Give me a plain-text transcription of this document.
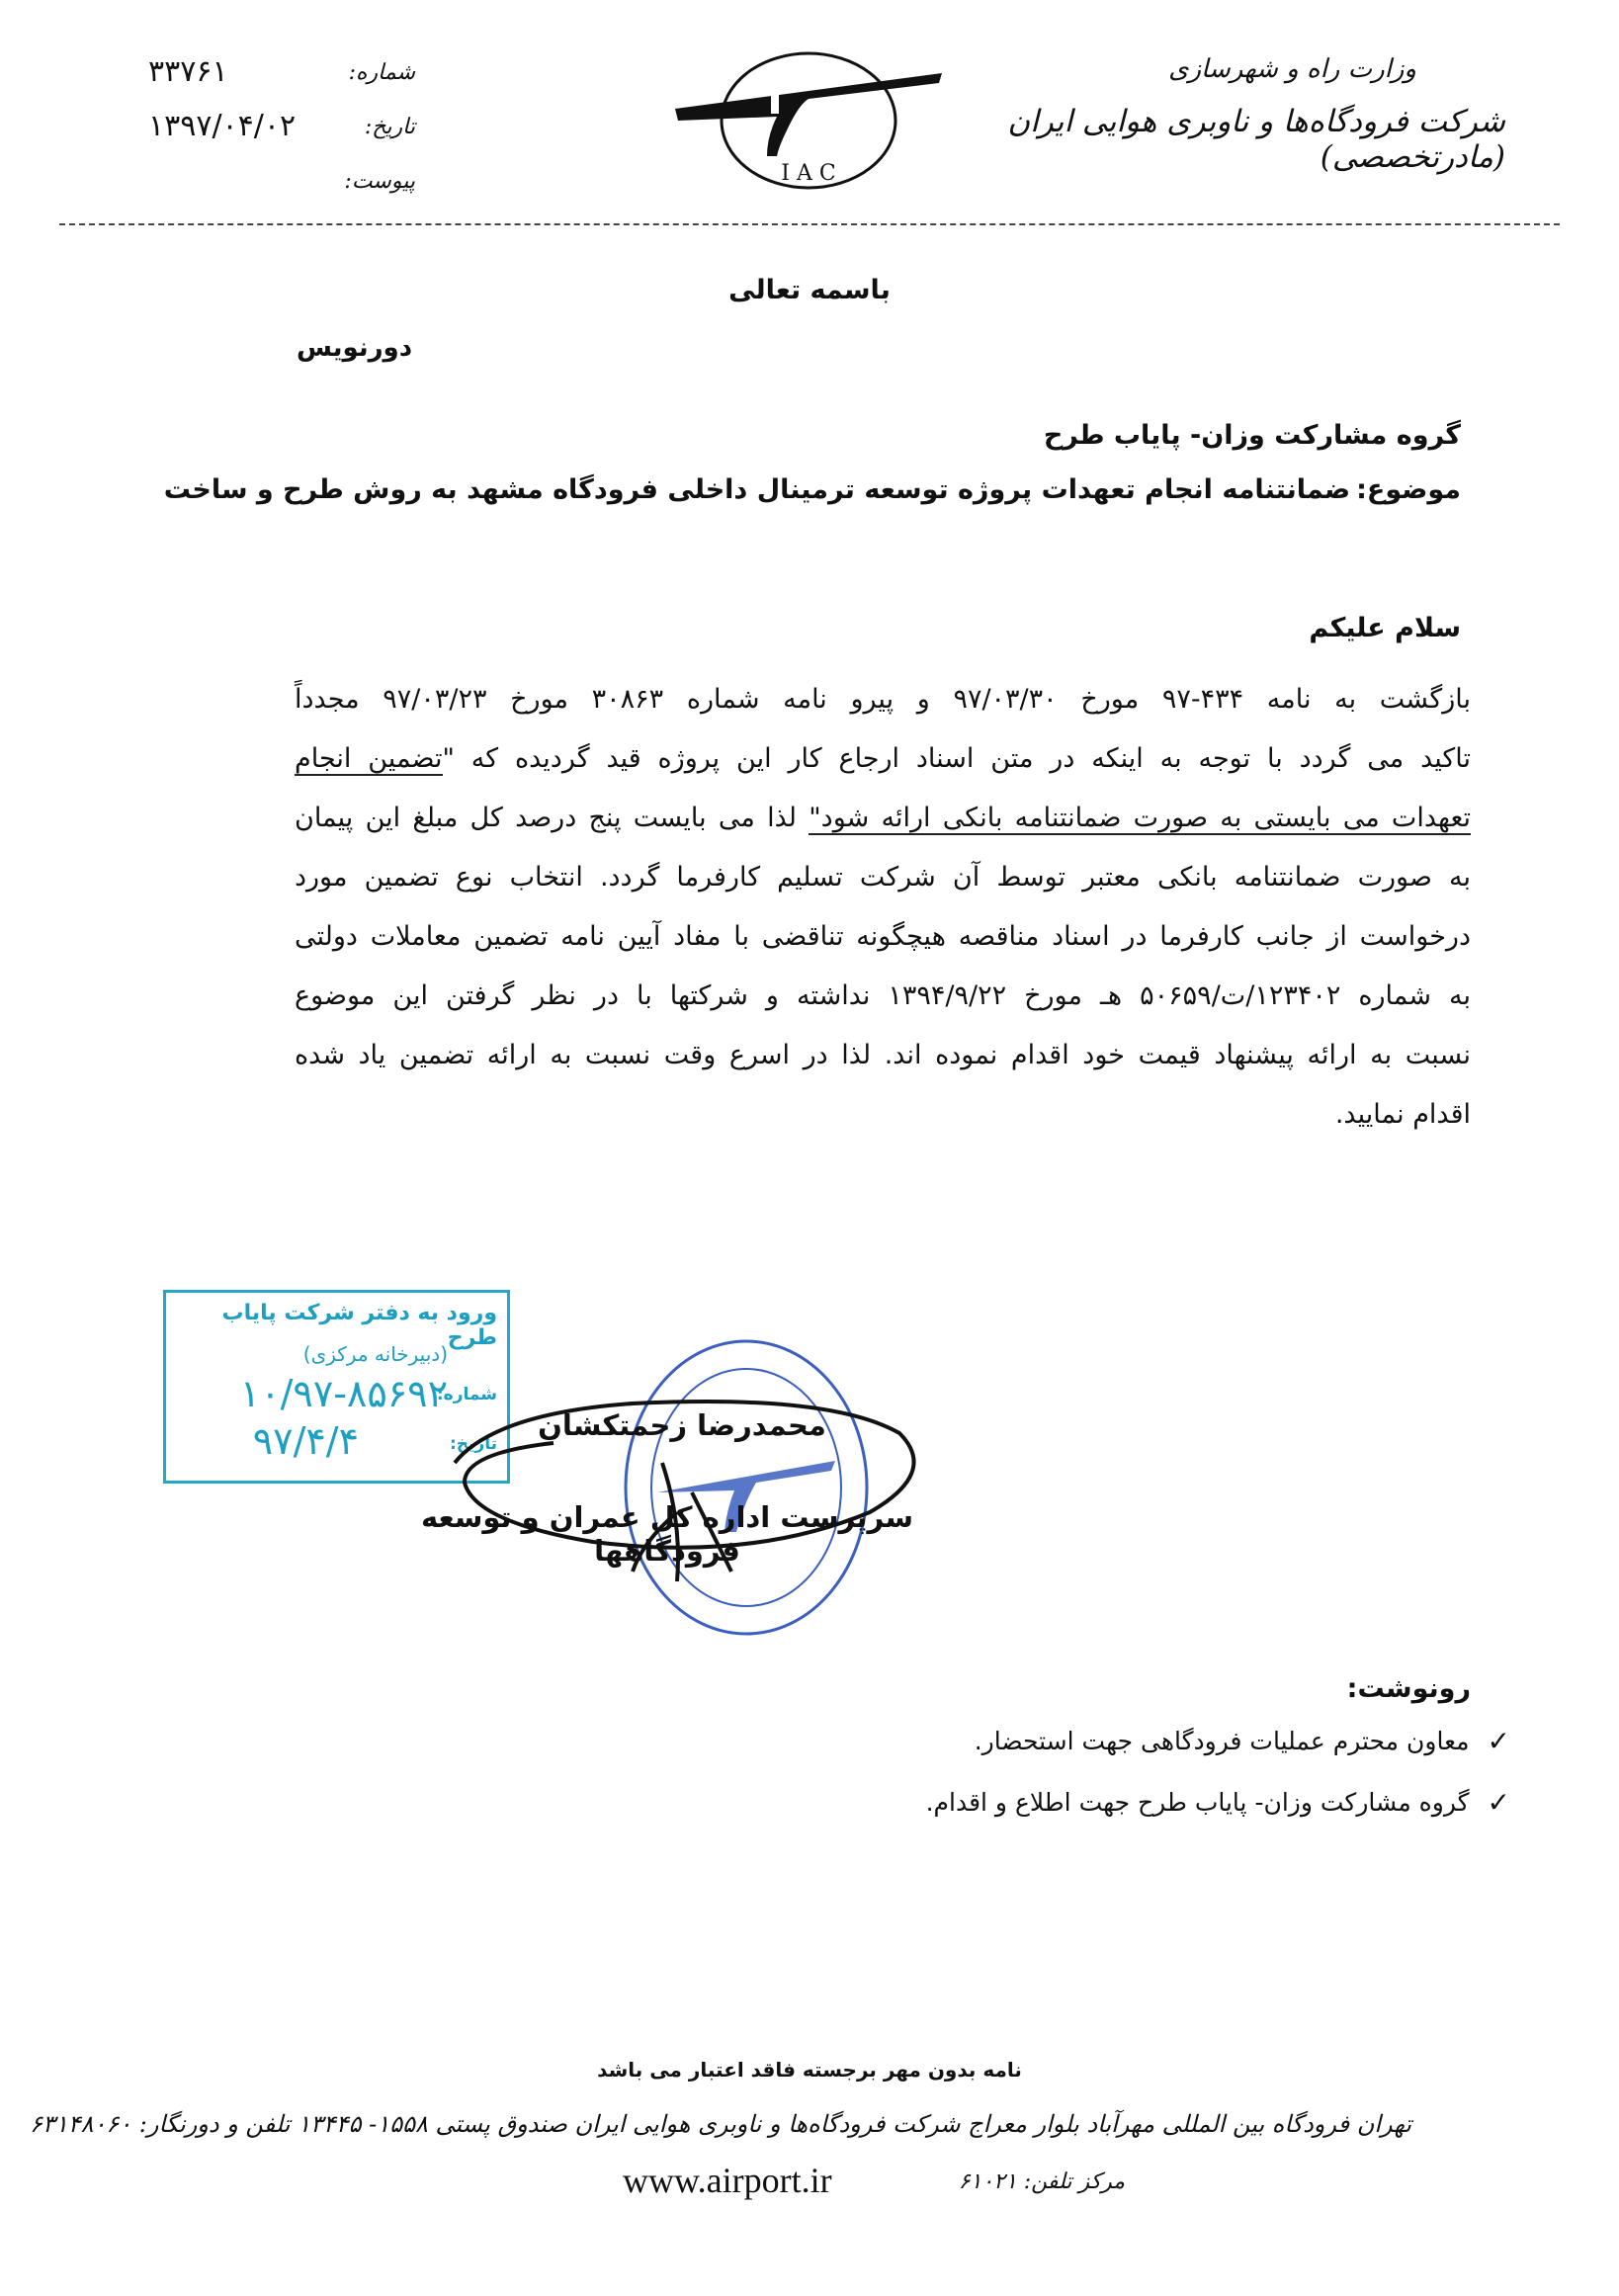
شماره:
۳۳۷۶۱
تاریخ:
۱۳۹۷/۰۴/۰۲
پیوست:	I A C
وزارت راه و شهرسازی
شرکت فرودگاه‌ها و ناوبری هوایی ایران (مادرتخصصی)
باسمه تعالی
دورنویس
گروه مشارکت وزان- پایاب طرح
موضوع:ضمانتنامه انجام تعهدات پروژه توسعه ترمینال داخلی فرودگاه مشهد به روش طرح و ساخت
سلام علیکم
بازگشت به نامه ۴۳۴-۹۷ مورخ ۹۷/۰۳/۳۰ و پیرو نامه شماره ۳۰۸۶۳ مورخ ۹۷/۰۳/۲۳ مجدداً
تاکید می گردد با توجه به اینکه در متن اسناد ارجاع کار این پروژه قید گردیده که "تضمین انجام
تعهدات می بایستی به صورت ضمانتنامه بانکی ارائه شود" لذا می بایست پنج درصد کل مبلغ این پیمان
به صورت ضمانتنامه بانکی معتبر توسط آن شرکت تسلیم کارفرما گردد. انتخاب نوع تضمین مورد
درخواست از جانب کارفرما در اسناد مناقصه هیچگونه تناقضی با مفاد آیین نامه تضمین معاملات دولتی
به شماره ۱۲۳۴۰۲/ت/۵۰۶۵۹ هـ مورخ ۱۳۹۴/۹/۲۲ نداشته و شرکتها با در نظر گرفتن این موضوع
نسبت به ارائه پیشنهاد قیمت خود اقدام نموده اند. لذا در اسرع وقت نسبت به ارائه تضمین یاد شده
اقدام نمایید.
ورود به دفتر شرکت پایاب طرح
(دبیرخانه مرکزی)
شماره:
۱۰/۹۷-۸۵۶۹۲
تاریخ:
۹۷/۴/۴	محمدرضا زحمتکشان
سرپرست اداره کل عمران و توسعه فرودگاهها
رونوشت:
✓
معاون محترم عملیات فرودگاهی جهت استحضار.
✓
گروه مشارکت وزان- پایاب طرح جهت اطلاع و اقدام.
نامه بدون مهر برجسته فاقد اعتبار می باشد
تهران فرودگاه بین المللی مهرآباد بلوار معراج شرکت فرودگاه‌ها و ناوبری هوایی ایران صندوق پستی ۱۵۵۸- ۱۳۴۴۵ تلفن و دورنگار: ۶۳۱۴۸۰۶۰
مرکز تلفن: ۶۱۰۲۱
www.airport.ir
